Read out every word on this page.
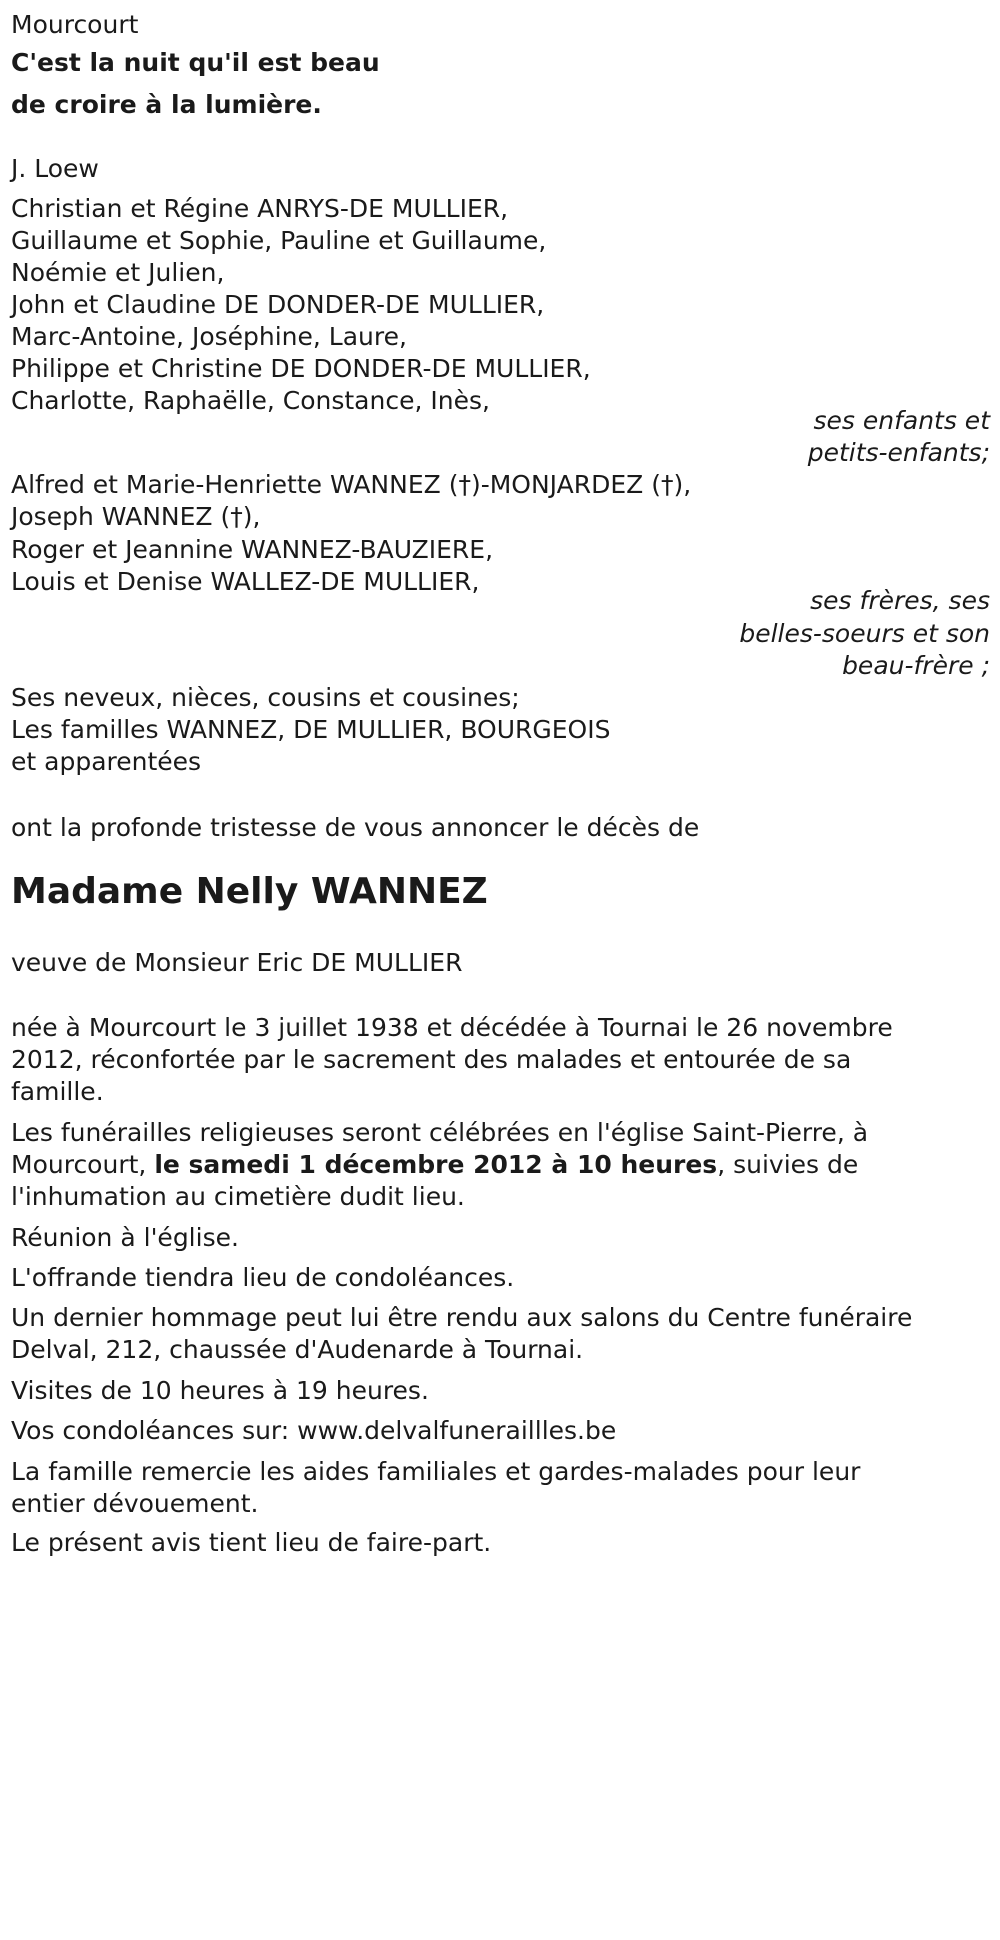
Mourcourt
C'est la nuit qu'il est beau
de croire à la lumière.
J. Loew
Christian et Régine ANRYS-DE MULLIER,
Guillaume et Sophie, Pauline et Guillaume,
Noémie et Julien,
John et Claudine DE DONDER-DE MULLIER,
Marc-Antoine, Joséphine, Laure,
Philippe et Christine DE DONDER-DE MULLIER,
Charlotte, Raphaëlle, Constance, Inès,
ses enfants et
petits-enfants;
Alfred et Marie-Henriette WANNEZ (†)-MONJARDEZ (†),
Joseph WANNEZ (†),
Roger et Jeannine WANNEZ-BAUZIERE,
Louis et Denise WALLEZ-DE MULLIER,
ses frères, ses
belles-soeurs et son
beau-frère ;
Ses neveux, nièces, cousins et cousines;
Les familles WANNEZ, DE MULLIER, BOURGEOIS
et apparentées
ont la profonde tristesse de vous annoncer le décès de
Madame Nelly WANNEZ
veuve de Monsieur Eric DE MULLIER
née à Mourcourt le 3 juillet 1938 et décédée à Tournai le 26 novembre
2012, réconfortée par le sacrement des malades et entourée de sa
famille.
Les funérailles religieuses seront célébrées en l'église Saint-Pierre, à
Mourcourt, le samedi 1 décembre 2012 à 10 heures, suivies de
l'inhumation au cimetière dudit lieu.
Réunion à l'église.
L'offrande tiendra lieu de condoléances.
Un dernier hommage peut lui être rendu aux salons du Centre funéraire
Delval, 212, chaussée d'Audenarde à Tournai.
Visites de 10 heures à 19 heures.
Vos condoléances sur: www.delvalfuneraillles.be
La famille remercie les aides familiales et gardes-malades pour leur
entier dévouement.
Le présent avis tient lieu de faire-part.
